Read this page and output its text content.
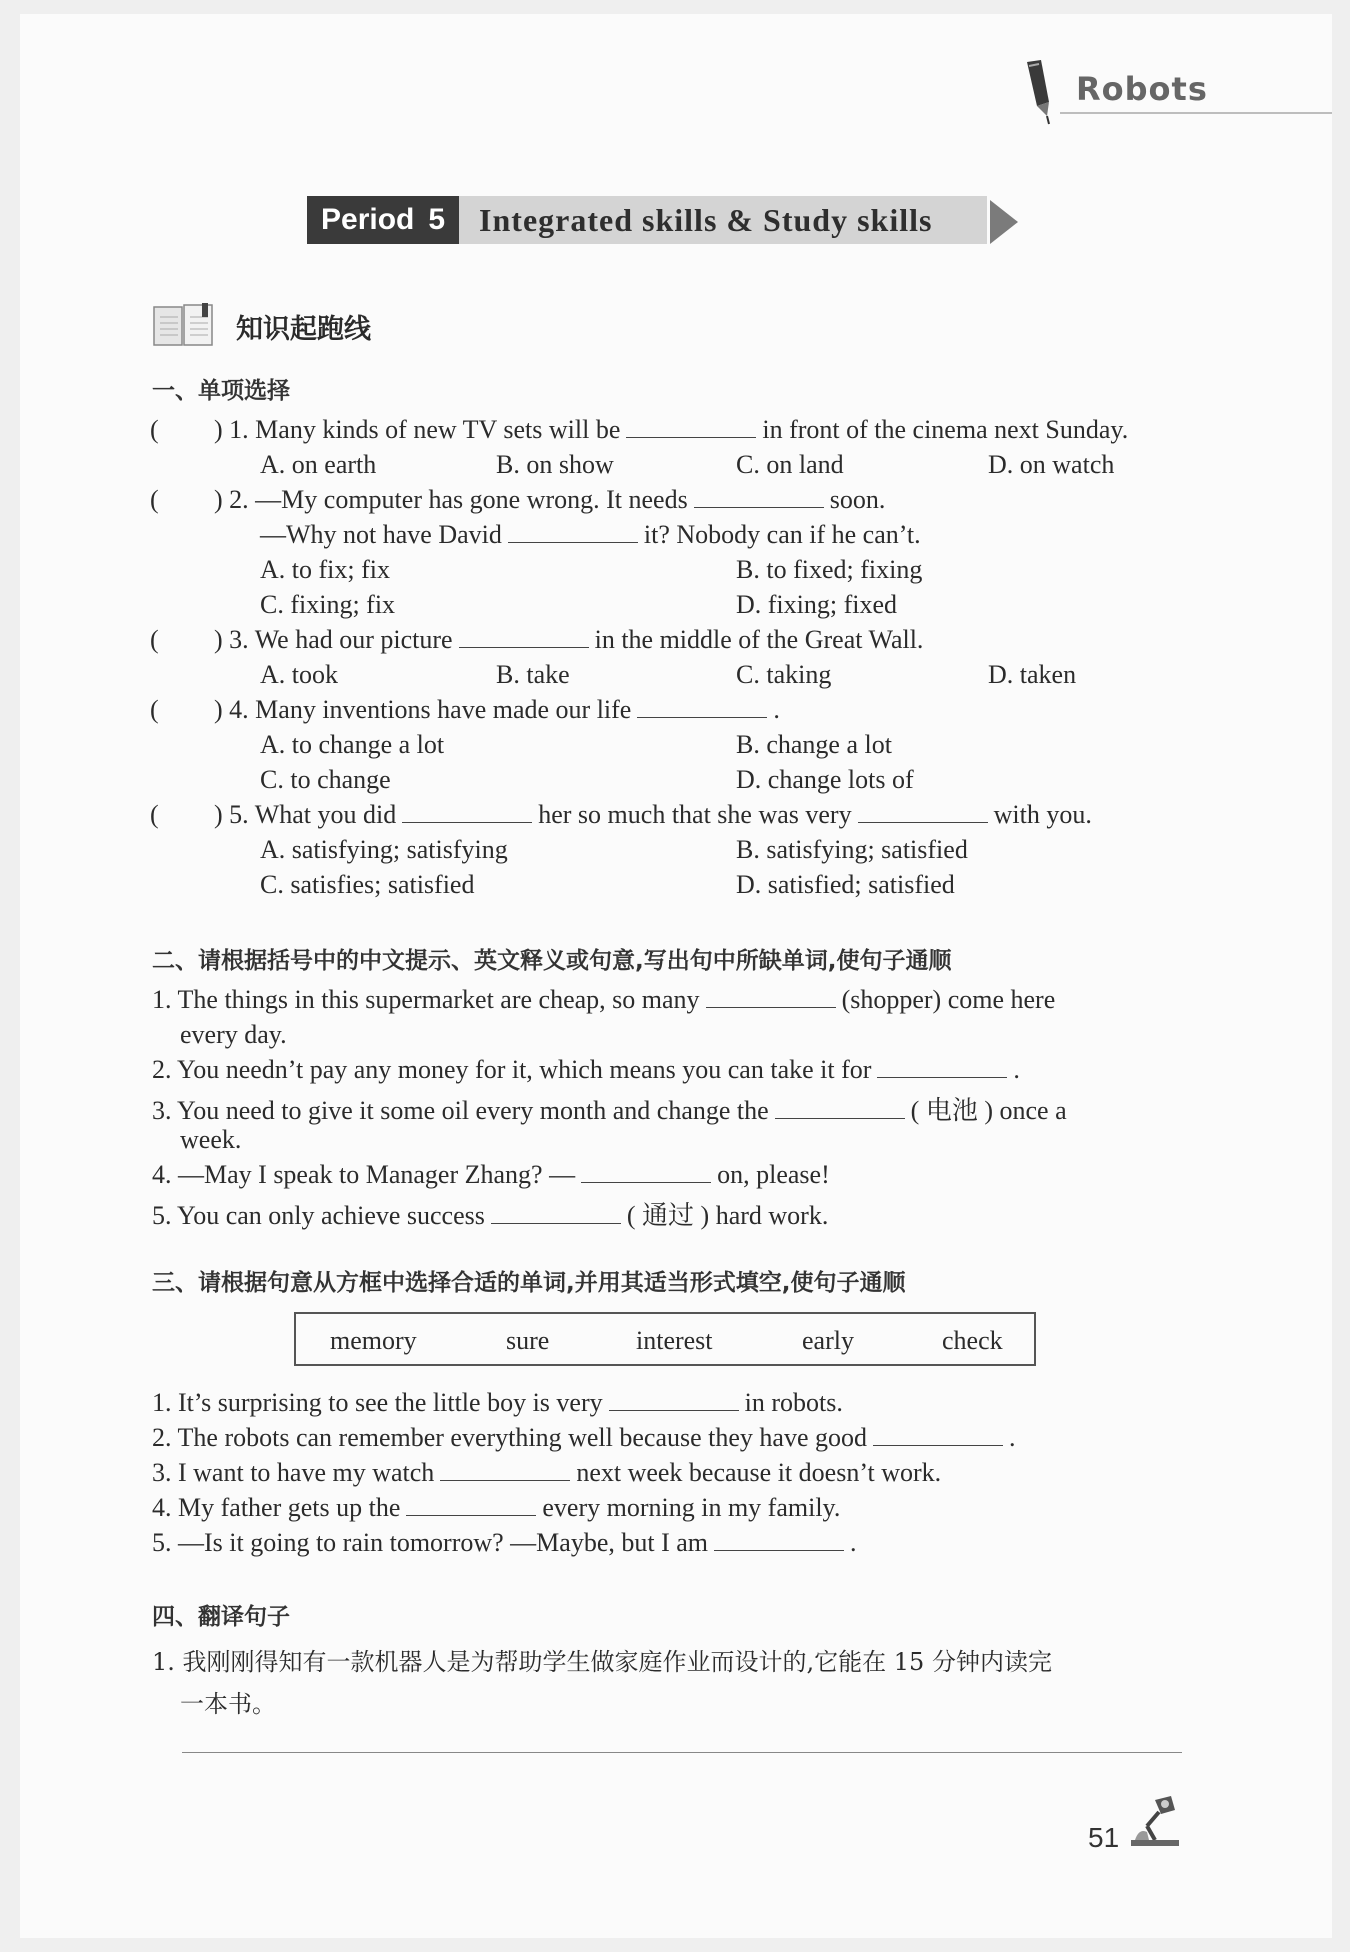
Robots
Period 5	Integrated skills & Study skills
知识起跑线
一、单项选择
( ) 1. Many kinds of new TV sets will be	in front of the cinema next Sunday.
A. on earth	B. on show	C. on land	D. on watch
( ) 2. —My computer has gone wrong. It needs	soon.
—Why not have David	it? Nobody can if he can’t.
A. to fix; fix	B. to fixed; fixing
C. fixing; fix	D. fixing; fixed
( ) 3. We had our picture	in the middle of the Great Wall.
A. took	B. take	C. taking	D. taken
( ) 4. Many inventions have made our life	.
A. to change a lot	B. change a lot
C. to change	D. change lots of
( ) 5. What you did	her so much that she was very	with you.
A. satisfying; satisfying	B. satisfying; satisfied
C. satisfies; satisfied	D. satisfied; satisfied
二、请根据括号中的中文提示、英文释义或句意,写出句中所缺单词,使句子通顺
1. The things in this supermarket are cheap, so many	(shopper) come here
every day.
2. You needn’t pay any money for it, which means you can take it for	.
3. You need to give it some oil every month and change the	( 电池 ) once a
week.
4. —May I speak to Manager Zhang? —	on, please!
5. You can only achieve success	( 通过 ) hard work.
三、请根据句意从方框中选择合适的单词,并用其适当形式填空,使句子通顺
memory	sure	interest	early	check
1. It’s surprising to see the little boy is very	in robots.
2. The robots can remember everything well because they have good	.
3. I want to have my watch	next week because it doesn’t work.
4. My father gets up the	every morning in my family.
5. —Is it going to rain tomorrow? —Maybe, but I am	.
四、翻译句子
1. 我刚刚得知有一款机器人是为帮助学生做家庭作业而设计的,它能在 15 分钟内读完
一本书。
51
